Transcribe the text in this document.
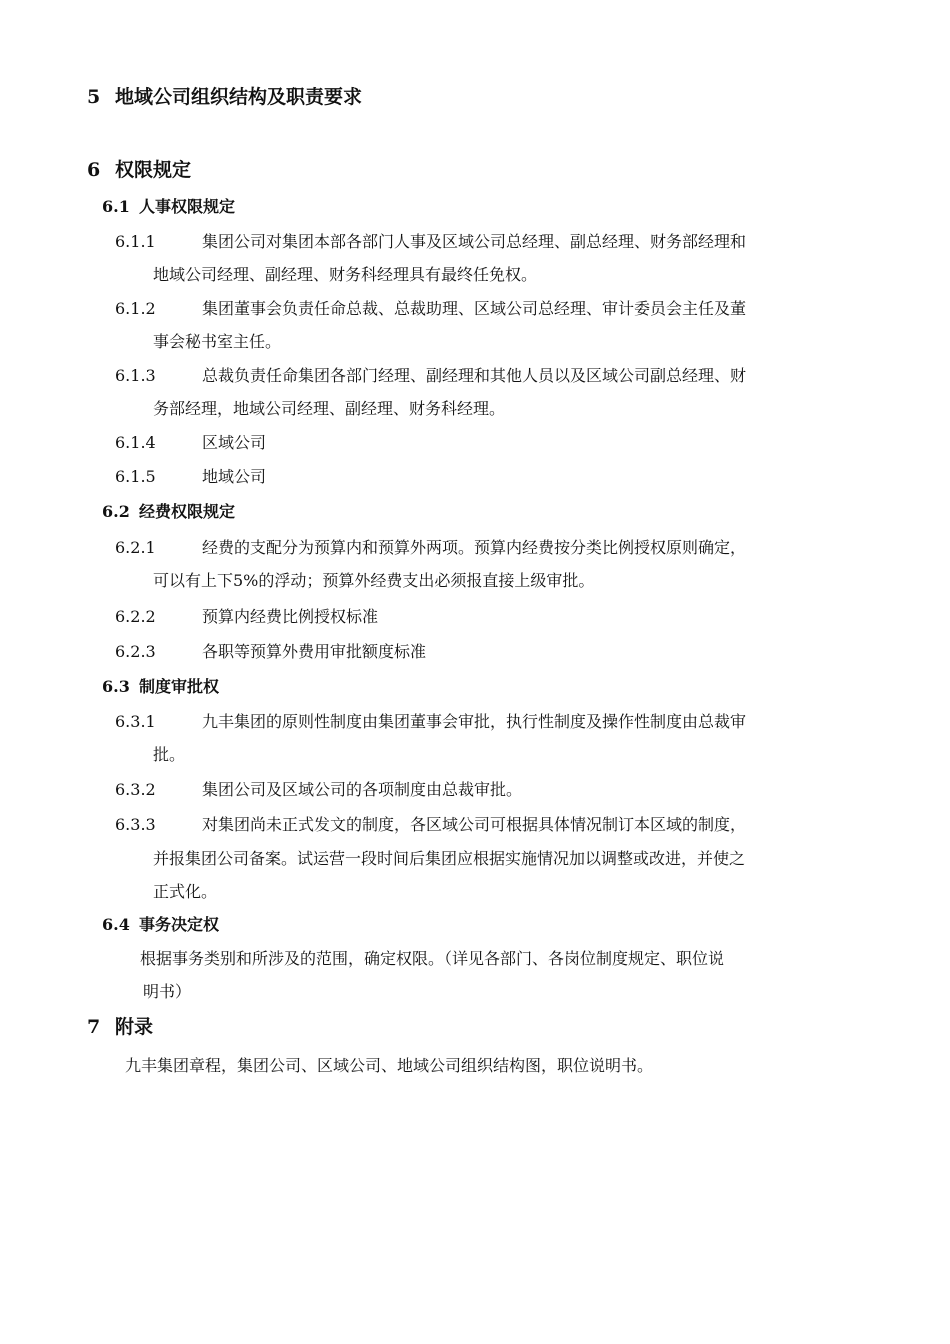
5 地域公司组织结构及职责要求
6 权限规定
6.1 人事权限规定
6.1.1	集团公司对集团本部各部门人事及区域公司总经理、副总经理、财务部经理和
地域公司经理、副经理、财务科经理具有最终任免权。
6.1.2	集团董事会负责任命总裁、总裁助理、区域公司总经理、审计委员会主任及董
事会秘书室主任。
6.1.3	总裁负责任命集团各部门经理、副经理和其他人员以及区域公司副总经理、财
务部经理，地域公司经理、副经理、财务科经理。
6.1.4	区域公司
6.1.5	地域公司
6.2 经费权限规定
6.2.1	经费的支配分为预算内和预算外两项。预算内经费按分类比例授权原则确定，
可以有上下5%的浮动；预算外经费支出必须报直接上级审批。
6.2.2	预算内经费比例授权标准
6.2.3	各职等预算外费用审批额度标准
6.3 制度审批权
6.3.1	九丰集团的原则性制度由集团董事会审批，执行性制度及操作性制度由总裁审
批。
6.3.2	集团公司及区域公司的各项制度由总裁审批。
6.3.3	对集团尚未正式发文的制度，各区域公司可根据具体情况制订本区域的制度，
并报集团公司备案。试运营一段时间后集团应根据实施情况加以调整或改进，并使之
正式化。
6.4 事务决定权
根据事务类别和所涉及的范围，确定权限。（详见各部门、各岗位制度规定、职位说
明书）
7 附录
九丰集团章程，集团公司、区域公司、地域公司组织结构图，职位说明书。
